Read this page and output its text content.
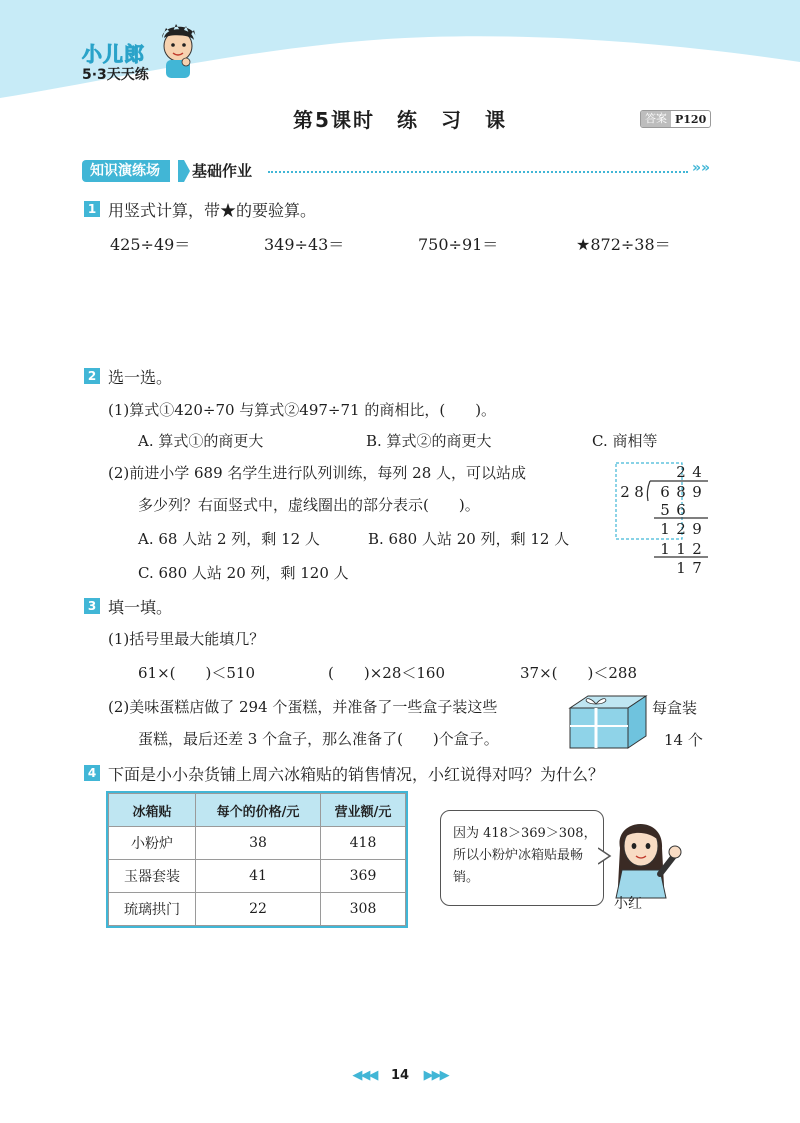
小儿郎
5·3天天练
第5课时　练　习　课	答案 P120
知识演练场	基础作业	»»
1 用竖式计算，带★的要验算。
425÷49＝	349÷43＝	750÷91＝	★872÷38＝
2 选一选。
(1)算式①420÷70 与算式②497÷71 的商相比，(　　)。
A. 算式①的商更大	B. 算式②的商更大	C. 商相等
(2)前进小学 689 名学生进行队列训练，每列 28 人，可以站成
多少列？右面竖式中，虚线圈出的部分表示(　　)。
A. 68 人站 2 列，剩 12 人	B. 680 人站 20 列，剩 12 人
C. 680 人站 20 列，剩 120 人
2 4
2 8 6 8 9
5 6
1 2 9
1 1 2
1 7
3 填一填。
(1)括号里最大能填几？
61×(　　)＜510	(　　)×28＜160	37×(　　)＜288
(2)美味蛋糕店做了 294 个蛋糕，并准备了一些盒子装这些
蛋糕，最后还差 3 个盒子，那么准备了(　　)个盒子。
每盒装
14 个
4 下面是小小杂货铺上周六冰箱贴的销售情况，小红说得对吗？为什么？
冰箱贴	每个的价格/元	营业额/元
小粉炉	38	418
玉器套装	41	369
琉璃拱门	22	308
因为 418＞369＞308，所以小粉炉冰箱贴最畅销。
小红
◀◀◀ 14 ▶▶▶
